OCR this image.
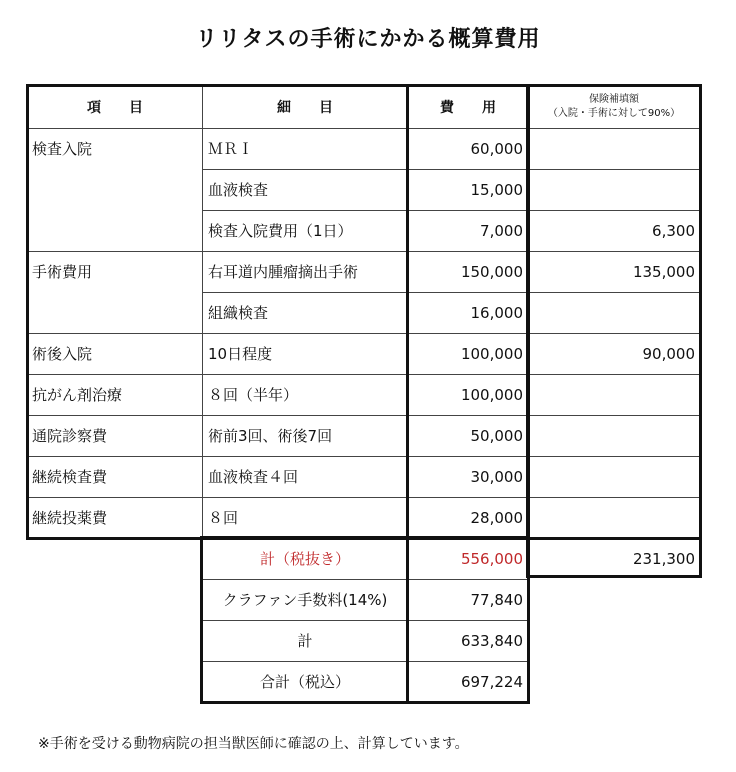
リリタスの手術にかかる概算費用
項　　目	細　　目	費　　用
保険補填額
（入院・手術に対して90%）
検査入院	ＭＲＩ	60,000
血液検査	15,000
検査入院費用（1日）	7,000	6,300
手術費用	右耳道内腫瘤摘出手術	150,000	135,000
組織検査	16,000
術後入院	10日程度	100,000	90,000
抗がん剤治療	８回（半年）	100,000
通院診察費	術前3回、術後7回	50,000
継続検査費	血液検査４回	30,000
継続投薬費	８回	28,000
計（税抜き）	556,000	231,300
クラファン手数料(14%)	77,840
計	633,840
合計（税込）	697,224
※手術を受ける動物病院の担当獣医師に確認の上、計算しています。
